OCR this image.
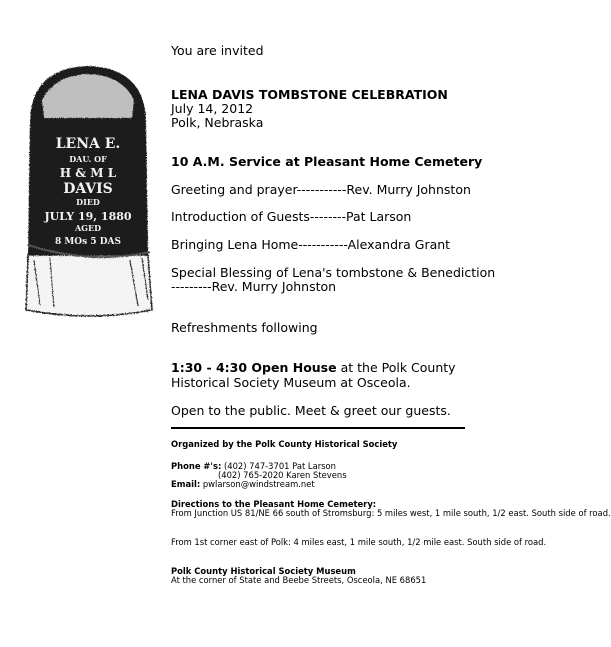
LENA E.
DAU. OF
H & M L
DAVIS
DIED
JULY 19, 1880
AGED
8 MOs 5 DAS

You are invited

LENA DAVIS TOMBSTONE CELEBRATION

July 14, 2012

Polk, Nebraska

10 A.M. Service at Pleasant Home Cemetery

Greeting and prayer-----------Rev. Murry Johnston

Introduction of Guests--------Pat Larson

Bringing Lena Home-----------Alexandra Grant

Special Blessing of Lena's tombstone & Benediction

---------Rev. Murry Johnston

Refreshments following

1:30 - 4:30 Open House at the Polk County Historical Society Museum at Osceola.

Open to the public. Meet & greet our guests.

Organized by the Polk County Historical Society

Phone #'s: (402) 747-3701 Pat Larson

(402) 765-2020 Karen Stevens

Email: pwlarson@windstream.net

Directions to the Pleasant Home Cemetery:

From Junction US 81/NE 66 south of Stromsburg: 5 miles west, 1 mile south, 1/2 east. South side of road.

From 1st corner east of Polk: 4 miles east, 1 mile south, 1/2 mile east. South side of road.

Polk County Historical Society Museum

At the corner of State and Beebe Streets, Osceola, NE 68651
